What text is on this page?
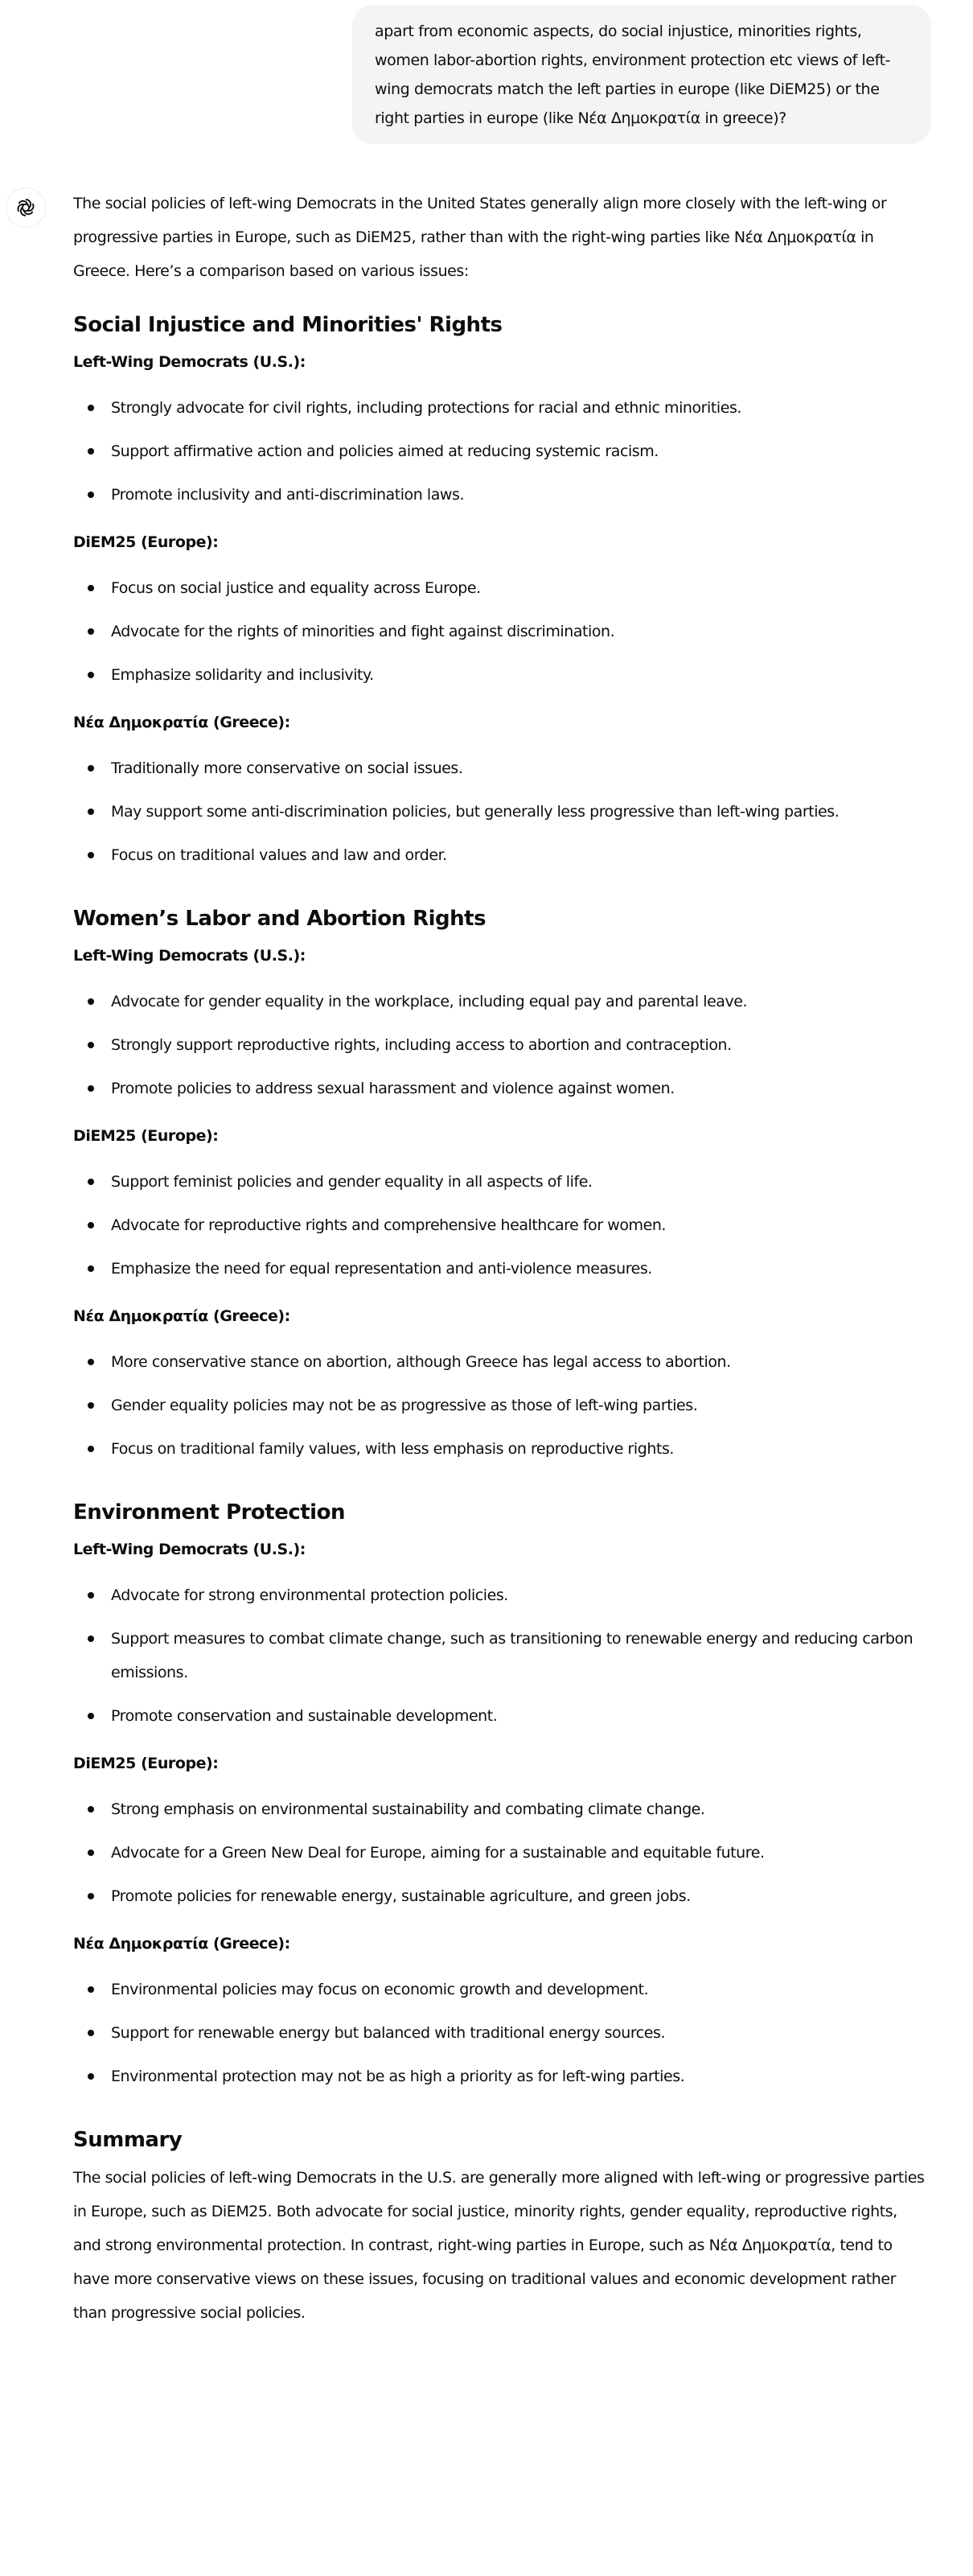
apart from economic aspects, do social injustice, minorities rights, women labor-abortion rights, environment protection etc views of left-wing democrats match the left parties in europe (like DiEM25) or the right parties in europe (like Νέα Δημοκρατία in greece)?

The social policies of left-wing Democrats in the United States generally align more closely with the left-wing or progressive parties in Europe, such as DiEM25, rather than with the right-wing parties like Νέα Δημοκρατία in Greece. Here’s a comparison based on various issues:

Social Injustice and Minorities' Rights
Left-Wing Democrats (U.S.):
Strongly advocate for civil rights, including protections for racial and ethnic minorities.
Support affirmative action and policies aimed at reducing systemic racism.
Promote inclusivity and anti-discrimination laws.
DiEM25 (Europe):
Focus on social justice and equality across Europe.
Advocate for the rights of minorities and fight against discrimination.
Emphasize solidarity and inclusivity.
Νέα Δημοκρατία (Greece):
Traditionally more conservative on social issues.
May support some anti-discrimination policies, but generally less progressive than left-wing parties.
Focus on traditional values and law and order.
Women’s Labor and Abortion Rights
Left-Wing Democrats (U.S.):
Advocate for gender equality in the workplace, including equal pay and parental leave.
Strongly support reproductive rights, including access to abortion and contraception.
Promote policies to address sexual harassment and violence against women.
DiEM25 (Europe):
Support feminist policies and gender equality in all aspects of life.
Advocate for reproductive rights and comprehensive healthcare for women.
Emphasize the need for equal representation and anti-violence measures.
Νέα Δημοκρατία (Greece):
More conservative stance on abortion, although Greece has legal access to abortion.
Gender equality policies may not be as progressive as those of left-wing parties.
Focus on traditional family values, with less emphasis on reproductive rights.
Environment Protection
Left-Wing Democrats (U.S.):
Advocate for strong environmental protection policies.
Support measures to combat climate change, such as transitioning to renewable energy and reducing carbon emissions.
Promote conservation and sustainable development.
DiEM25 (Europe):
Strong emphasis on environmental sustainability and combating climate change.
Advocate for a Green New Deal for Europe, aiming for a sustainable and equitable future.
Promote policies for renewable energy, sustainable agriculture, and green jobs.
Νέα Δημοκρατία (Greece):
Environmental policies may focus on economic growth and development.
Support for renewable energy but balanced with traditional energy sources.
Environmental protection may not be as high a priority as for left-wing parties.
Summary

The social policies of left-wing Democrats in the U.S. are generally more aligned with left-wing or progressive parties in Europe, such as DiEM25. Both advocate for social justice, minority rights, gender equality, reproductive rights, and strong environmental protection. In contrast, right-wing parties in Europe, such as Νέα Δημοκρατία, tend to have more conservative views on these issues, focusing on traditional values and economic development rather than progressive social policies.
